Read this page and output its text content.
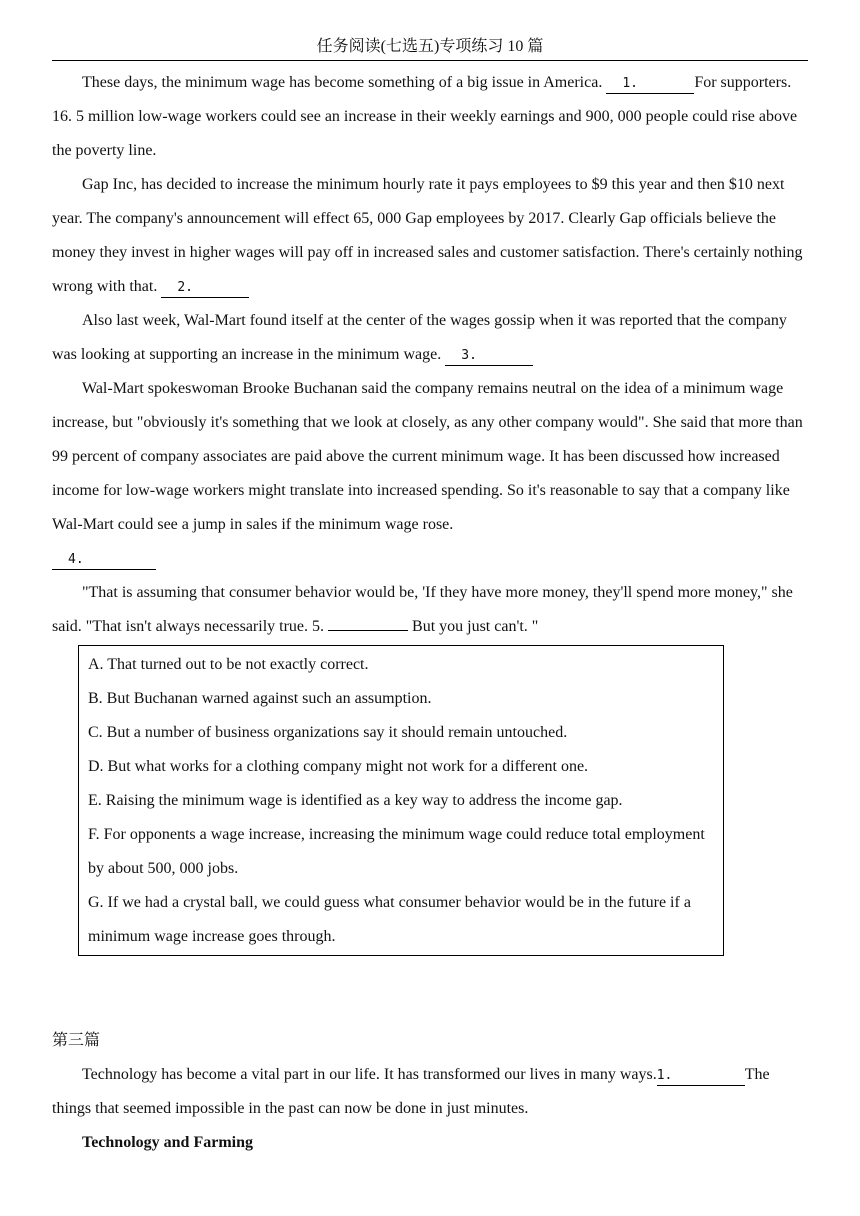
任务阅读(七选五)专项练习 10 篇

These days, the minimum wage has become something of a big issue in America. 1.	For supporters. 16. 5 million low-wage workers could see an increase in their weekly earnings and 900, 000 people could rise above the poverty line.

Gap Inc, has decided to increase the minimum hourly rate it pays employees to $9 this year and then $10 next year. The company's announcement will effect 65, 000 Gap employees by 2017. Clearly Gap officials believe the money they invest in higher wages will pay off in increased sales and customer satisfaction. There's certainly nothing wrong with that. 2.

Also last week, Wal-Mart found itself at the center of the wages gossip when it was reported that the company was looking at supporting an increase in the minimum wage. 3.

Wal-Mart spokeswoman Brooke Buchanan said the company remains neutral on the idea of a minimum wage increase, but "obviously it's something that we look at closely, as any other company would". She said that more than 99 percent of company associates are paid above the current minimum wage. It has been discussed how increased income for low-wage workers might translate into increased spending. So it's reasonable to say that a company like Wal-Mart could see a jump in sales if the minimum wage rose.
4.

"That is assuming that consumer behavior would be, 'If they have more money, they'll spend more money," she said. "That isn't always necessarily true. 5.	But you just can't. "

A. That turned out to be not exactly correct.

B. But Buchanan warned against such an assumption.

C. But a number of business organizations say it should remain untouched.

D. But what works for a clothing company might not work for a different one.

E. Raising the minimum wage is identified as a key way to address the income gap.

F. For opponents a wage increase, increasing the minimum wage could reduce total employment by about 500, 000 jobs.

G. If we had a crystal ball, we could guess what consumer behavior would be in the future if a minimum wage increase goes through.

第三篇

Technology has become a vital part in our life. It has transformed our lives in many ways.1.	The things that seemed impossible in the past can now be done in just minutes.

Technology and Farming
